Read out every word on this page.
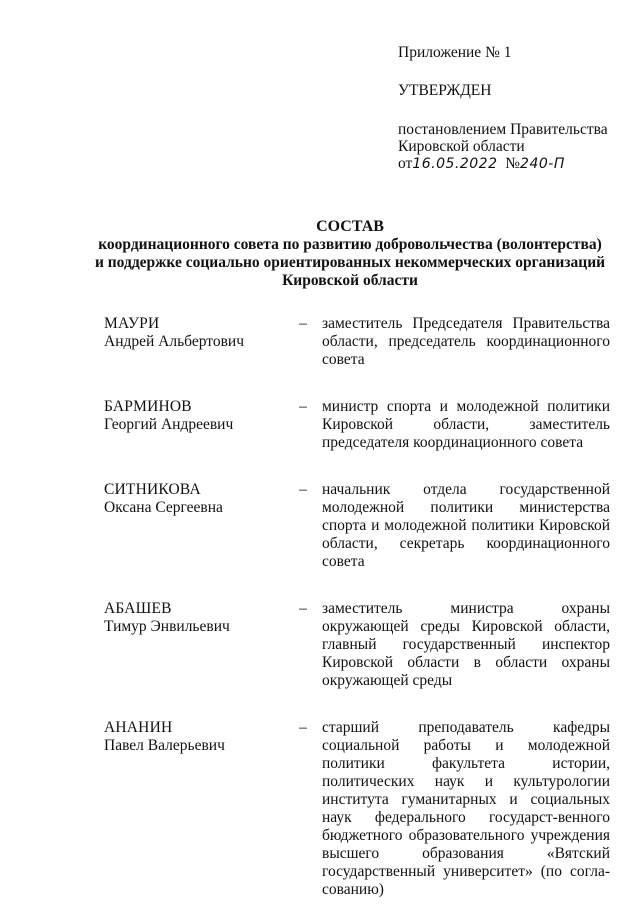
Приложение № 1
УТВЕРЖДЕН
постановлением Правительства
Кировской области
от16.05.2022 №240-П
СОСТАВ
координационного совета по развитию добровольчества (волонтерства)
и поддержке социально ориентированных некоммерческих организаций
Кировской области
МАУРИ
Андрей Альбертович
– заместитель Председателя Правительства области, председатель координационного совета
БАРМИНОВ
Георгий Андреевич
– министр спорта и молодежной политики Кировской области, заместитель председателя координационного совета
СИТНИКОВА
Оксана Сергеевна
– начальник отдела государственной молодежной политики министерства спорта и молодежной политики Кировской области, секретарь координационного совета
АБАШЕВ
Тимур Энвильевич
– заместитель министра охраны окружающей среды Кировской области, главный государственный инспектор Кировской области в области охраны окружающей среды
АНАНИН
Павел Валерьевич
– старший преподаватель кафедры социальной работы и молодежной политики факультета истории, политических наук и культурологии института гуманитарных и социальных наук федерального государст-венного бюджетного образовательного учреждения высшего образования «Вятский государственный университет» (по согла-сованию)
